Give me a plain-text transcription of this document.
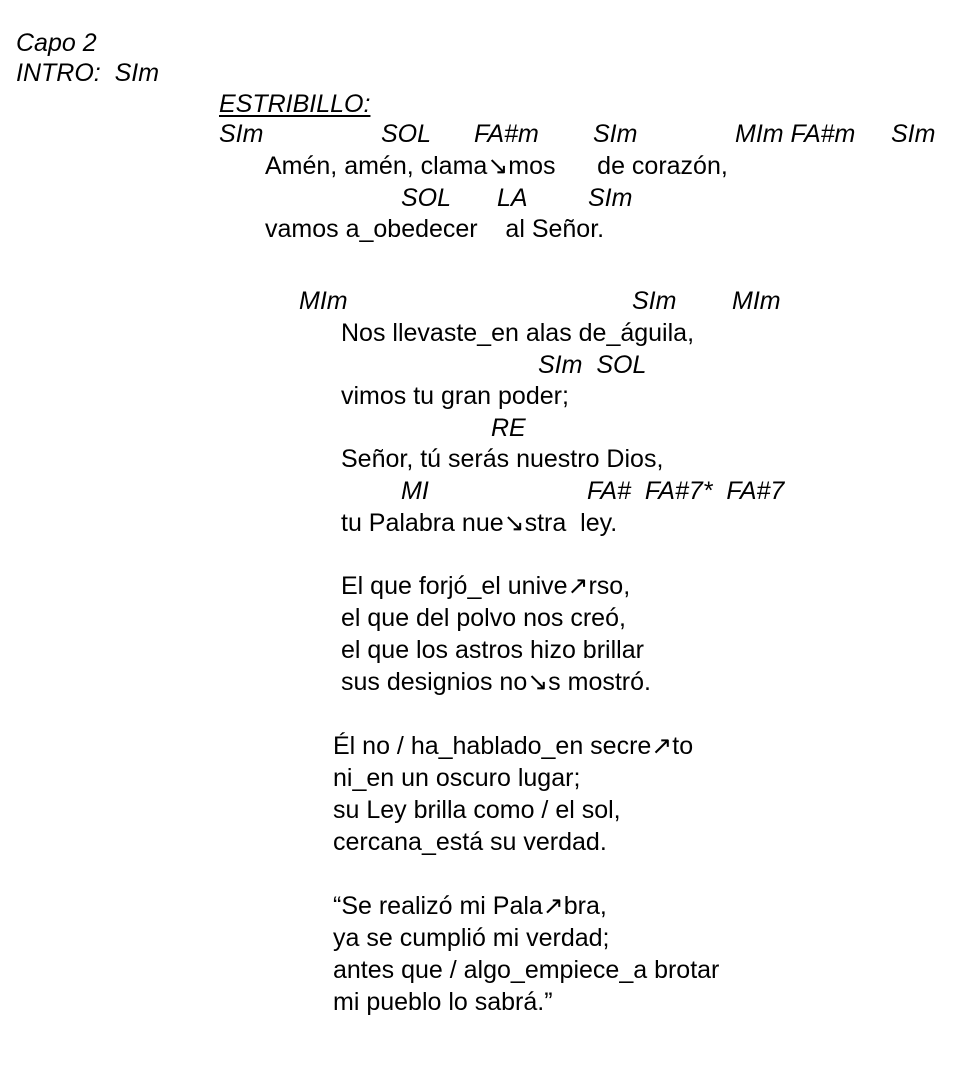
Capo 2
INTRO:  SIm
ESTRIBILLO:
SIm	SOL FA#m SIm	MIm FA#m SIm
Amén, amén, clama↘mos      de corazón,
SOL LA SIm
vamos a_obedecer    al Señor.
MIm	SIm MIm
Nos llevaste_en alas de_águila,
SIm  SOL
vimos tu gran poder;
RE
Señor, tú serás nuestro Dios,
MI	FA#  FA#7*  FA#7
tu Palabra nue↘stra  ley.
El que forjó_el unive↗rso,
el que del polvo nos creó,
el que los astros hizo brillar
sus designios no↘s mostró.
Él no / ha_hablado_en secre↗to
ni_en un oscuro lugar;
su Ley brilla como / el sol,
cercana_está su verdad.
“Se realizó mi Pala↗bra,
ya se cumplió mi verdad;
antes que / algo_empiece_a brotar
mi pueblo lo sabrá.”
